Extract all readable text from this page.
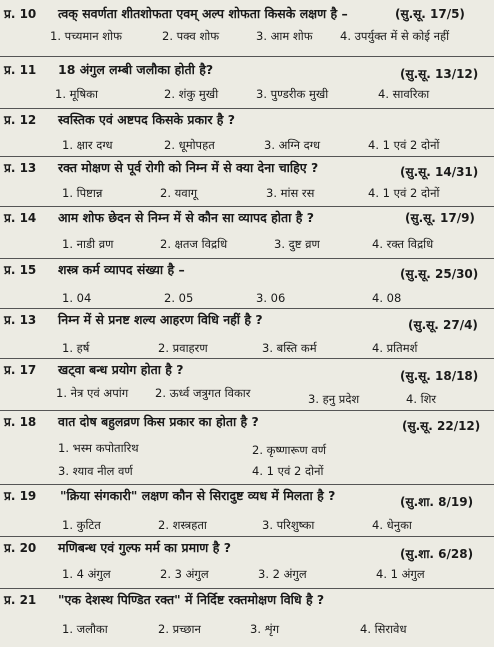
प्र. 10 त्वक् सवर्णता शीतशोफता एवम् अल्प शोफता किसके लक्षण है –	(सु.सू. 17/5)
1. पच्यमान शोफ	2. पक्व शोफ	3. आम शोफ 4. उपर्युक्त में से कोई नहीं
प्र. 11 18 अंगुल लम्बी जलौका होती है?	(सु.सू. 13/12)
1. मूषिका	2. शंकु मुखी	3. पुण्डरीक मुखी	4. सावरिका
प्र. 12 स्वस्तिक एवं अष्टपद किसके प्रकार है ?
1. क्षार दग्ध	2. धूमोपहत	3. अग्नि दग्ध	4. 1 एवं 2 दोनों
प्र. 13 रक्त मोक्षण से पूर्व रोगी को निम्न में से क्या देना चाहिए ?	(सु.सू. 14/31)
1. पिष्टान्न	2. यवागू	3. मांस रस	4. 1 एवं 2 दोनों
प्र. 14 आम शोफ छेदन से निम्न में से कौन सा व्यापद होता है ?	(सु.सू. 17/9)
1. नाडी व्रण	2. क्षतज विद्रधि	3. दुष्ट व्रण	4. रक्त विद्रधि
प्र. 15 शस्त्र कर्म व्यापद संख्या है –	(सु.सू. 25/30)
1. 04	2. 05	3. 06	4. 08
प्र. 13 निम्न में से प्रनष्ट शल्य आहरण विधि नहीं है ?	(सु.सू. 27/4)
1. हर्ष	2. प्रवाहरण	3. बस्ति कर्म	4. प्रतिमर्श
प्र. 17 खट्वा बन्ध प्रयोग होता है ?	(सु.सू. 18/18)
1. नेत्र एवं अपांग 2. ऊर्ध्व जत्रुगत विकार	3. हनु प्रदेश	4. शिर
प्र. 18 वात दोष बहुलव्रण किस प्रकार का होता है ?	(सु.सू. 22/12)
1. भस्म कपोतारिथ	2. कृष्णारूण वर्ण
3. श्याव नील वर्ण	4. 1 एवं 2 दोनों
प्र. 19 "क्रिया संगकारी" लक्षण कौन से सिरादुष्ट व्यध में मिलता है ?	(सु.शा. 8/19)
1. कुटित	2. शस्त्रहता	3. परिशुष्का	4. धेनुका
प्र. 20 मणिबन्ध एवं गुल्फ मर्म का प्रमाण है ?	(सु.शा. 6/28)
1. 4 अंगुल	2. 3 अंगुल	3. 2 अंगुल	4. 1 अंगुल
प्र. 21 "एक देशस्थ पिण्डित रक्त" में निर्दिष्ट रक्तमोक्षण विधि है ?
1. जलौका	2. प्रच्छान	3. शृंग	4. सिरावेध
